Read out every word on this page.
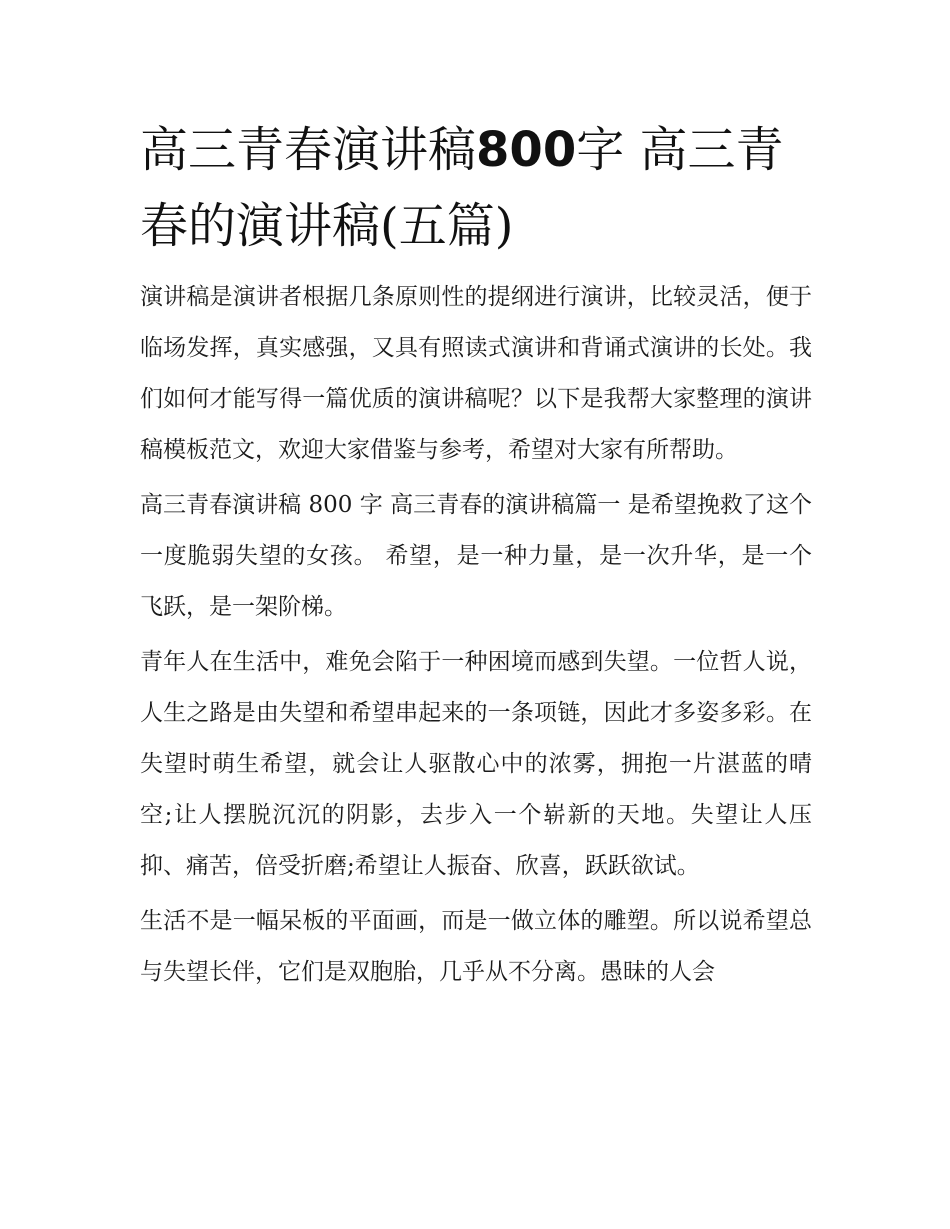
高三青春演讲稿800字 高三青春的演讲稿(五篇)

演讲稿是演讲者根据几条原则性的提纲进行演讲，比较灵活，便于临场发挥，真实感强，又具有照读式演讲和背诵式演讲的长处。我们如何才能写得一篇优质的演讲稿呢？以下是我帮大家整理的演讲稿模板范文，欢迎大家借鉴与参考，希望对大家有所帮助。

高三青春演讲稿 800 字 高三青春的演讲稿篇一 是希望挽救了这个一度脆弱失望的女孩。 希望，是一种力量，是一次升华，是一个飞跃，是一架阶梯。

青年人在生活中，难免会陷于一种困境而感到失望。一位哲人说，人生之路是由失望和希望串起来的一条项链，因此才多姿多彩。在失望时萌生希望，就会让人驱散心中的浓雾，拥抱一片湛蓝的晴空;让人摆脱沉沉的阴影，去步入一个崭新的天地。失望让人压抑、痛苦，倍受折磨;希望让人振奋、欣喜，跃跃欲试。

生活不是一幅呆板的平面画，而是一做立体的雕塑。所以说希望总与失望长伴，它们是双胞胎，几乎从不分离。愚昧的人会
